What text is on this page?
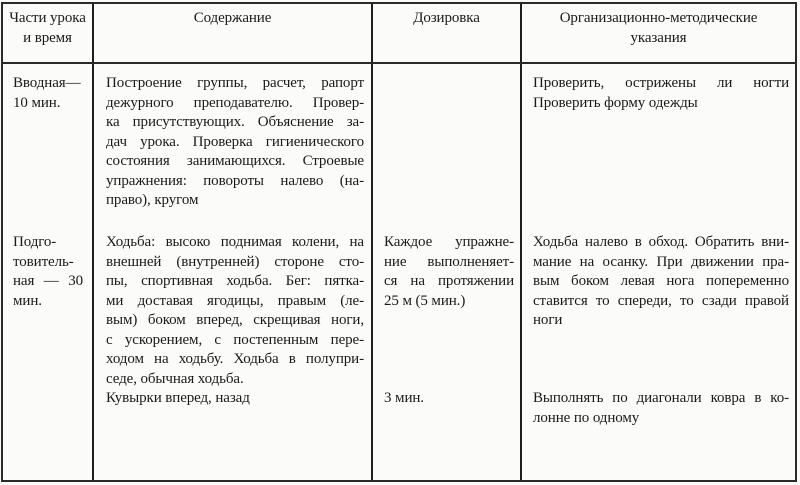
Части урока
и время
Содержание	Дозировка	Организационно-методические
указания
Вводная—
10 мин.
Построение группы, расчет, рапорт
дежурного преподавателю. Провер-
ка присутствующих. Объяснение за-
дач урока. Проверка гигиенического
состояния занимающихся. Строевые
упражнения: повороты налево (на-
право), кругом
Проверить, острижены ли ногти
Проверить форму одежды
Подго-
товитель-
ная — 30
мин.
Ходьба: высоко поднимая колени, на
внешней (внутренней) стороне сто-
пы, спортивная ходьба. Бег: пятка-
ми доставая ягодицы, правым (ле-
вым) боком вперед, скрещивая ноги,
с ускорением, с постепенным пере-
ходом на ходьбу. Ходьба в полупри-
седе, обычная ходьба.
Кувырки вперед, назад
Каждое упражне-
ние выполненяет-
ся на протяжении
25 м (5 мин.)
3 мин.
Ходьба налево в обход. Обратить вни-
мание на осанку. При движении пра-
вым боком левая нога попеременно
ставится то спереди, то сзади правой
ноги
Выполнять по диагонали ковра в ко-
лонне по одному
